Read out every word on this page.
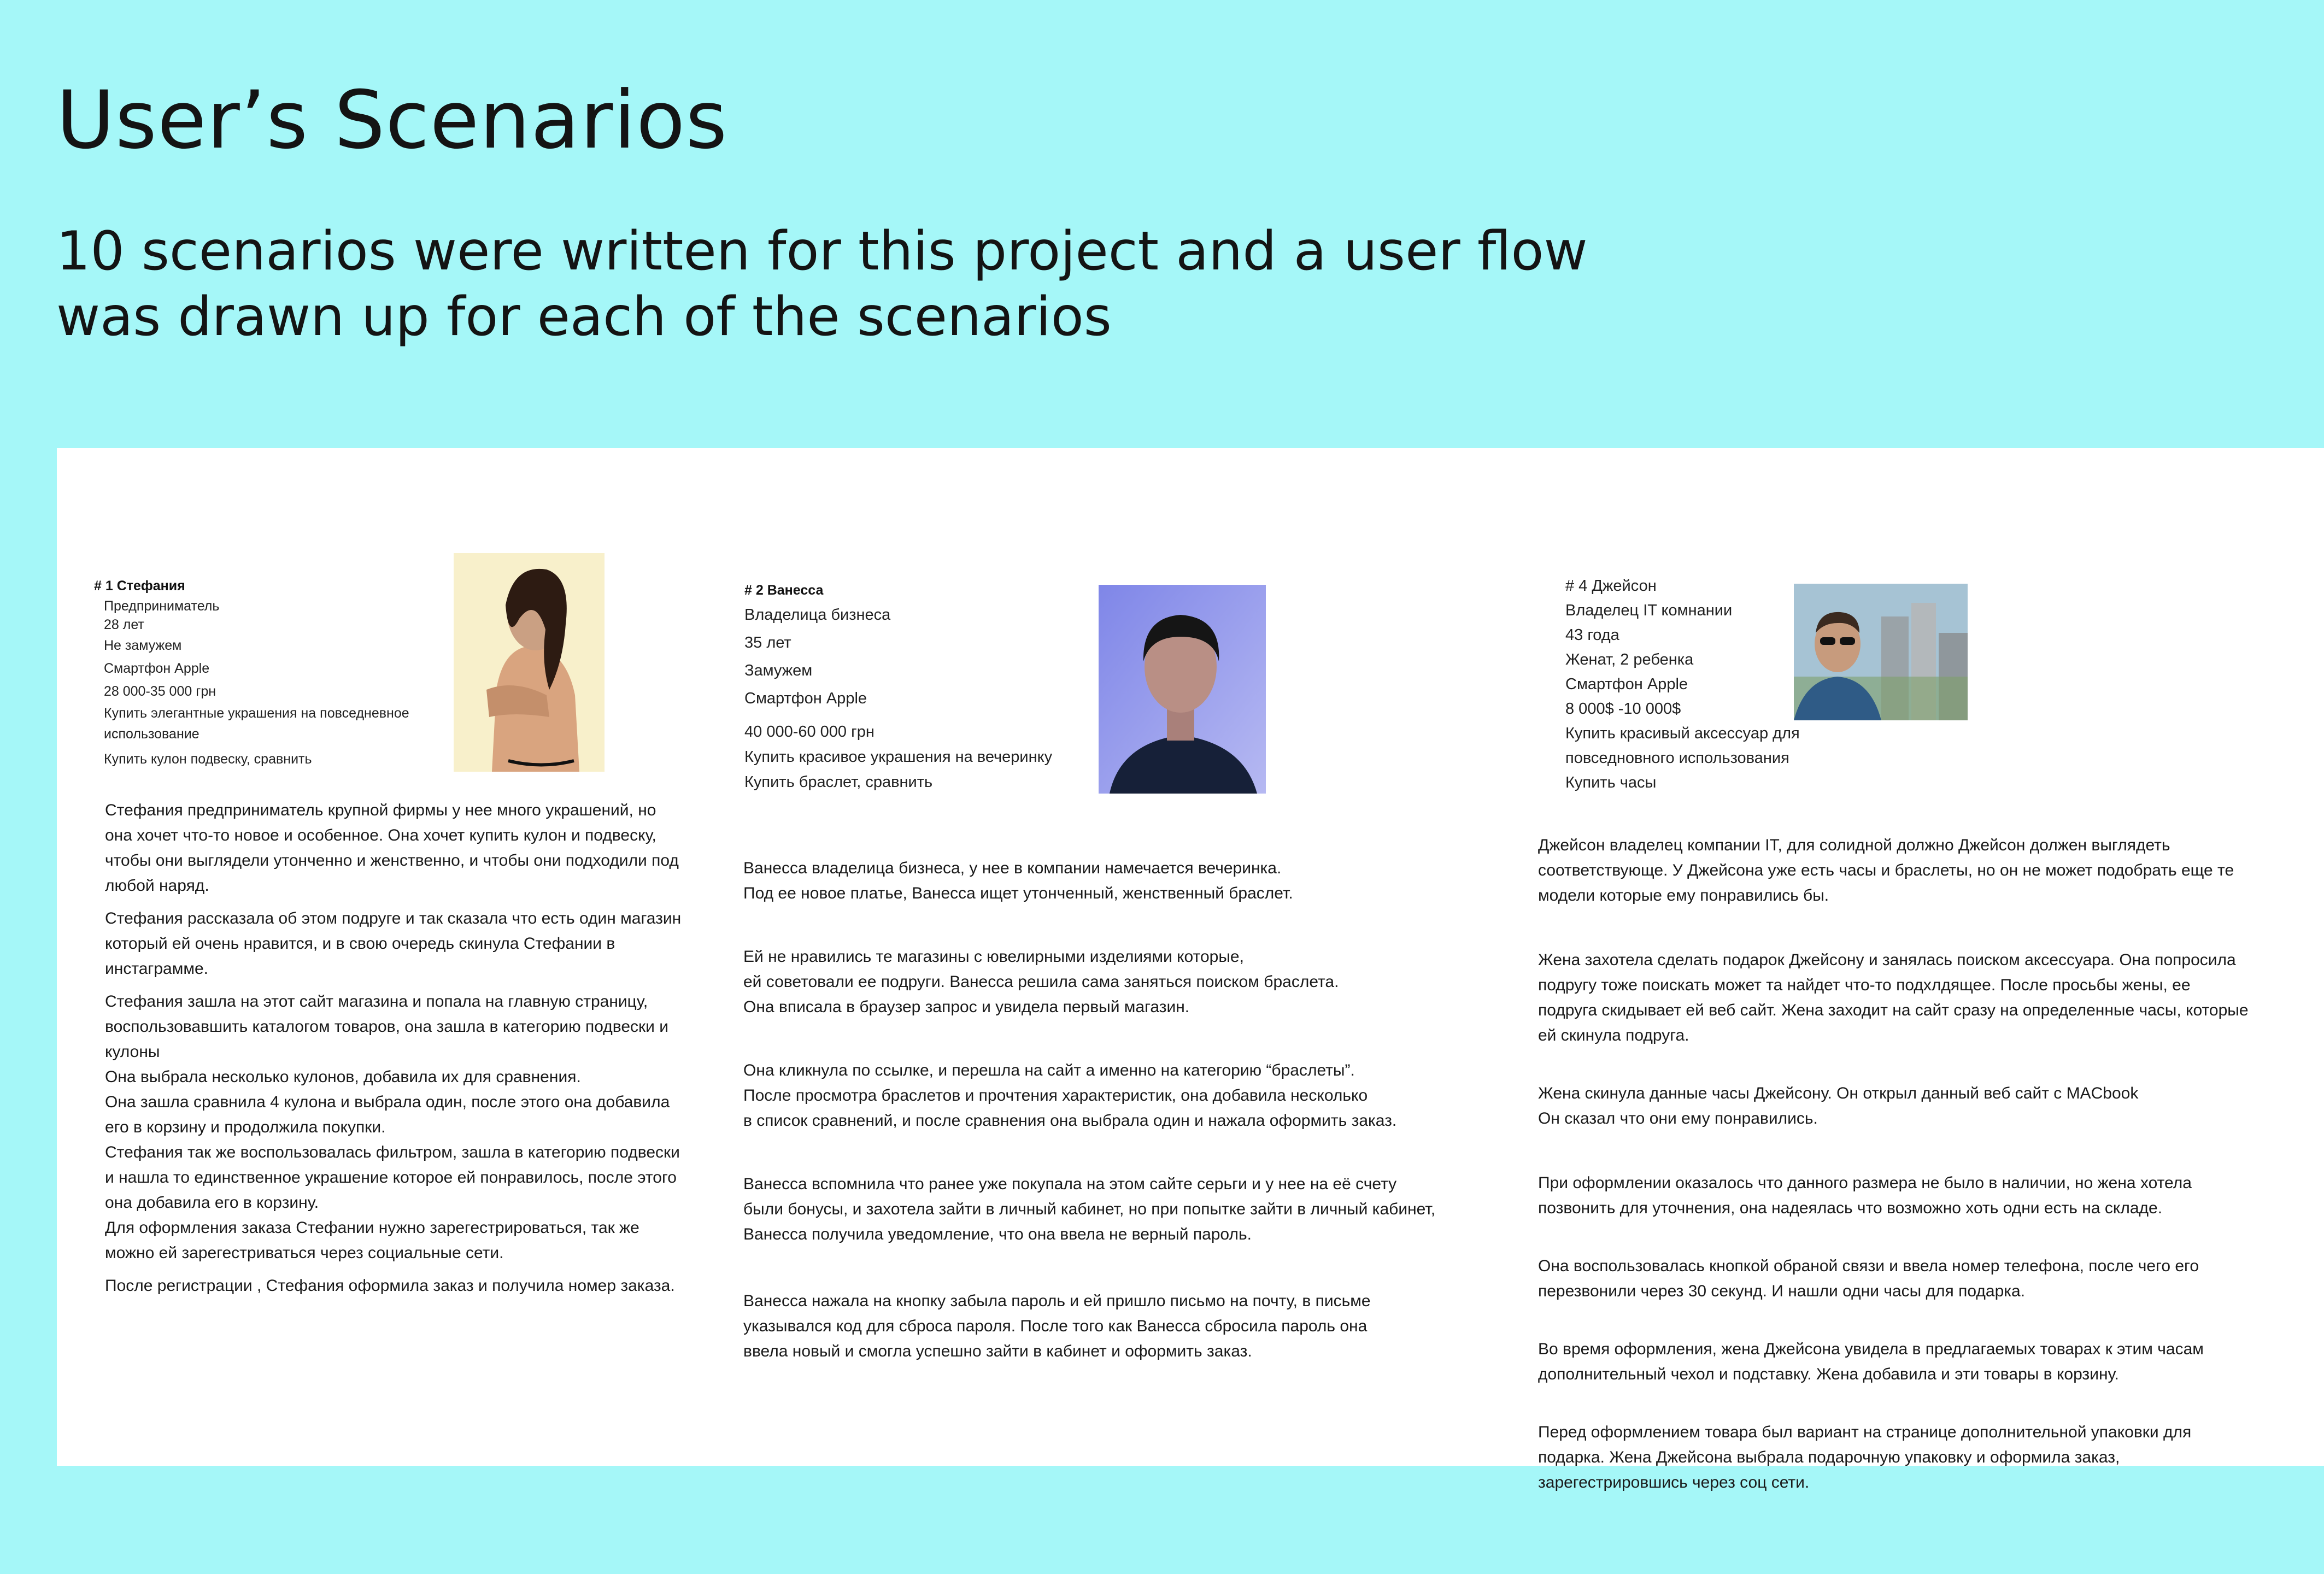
User’s Scenarios
10 scenarios were written for this project and a user flow
was drawn up for each of the scenarios
# 1 Стефания
Предприниматель
28 лет
Не замужем
Смартфон Apple
28 000-35 000 грн
Купить элегантные украшения на повседневное
использование
Купить кулон подвеску, сравнить

Стефания предприниматель крупной фирмы у нее много украшений, но она хочет что-то новое и особенное. Она хочет купить кулон и подвеску, чтобы они выглядели утонченно и женственно, и чтобы они подходили под любой наряд.

Стефания рассказала об этом подруге и так сказала что есть один магазин который ей очень нравится, и в свою очередь скинула Стефании в инстаграмме.

Стефания зашла на этот сайт магазина и попала на главную страницу, воспользовавшить каталогом товаров, она зашла в категорию подвески и кулоны
Она выбрала несколько кулонов, добавила их для сравнения.
Она зашла сравнила 4 кулона и выбрала один, после этого она добавила его в корзину и продолжила покупки.
Стефания так же воспользовалась фильтром, зашла в категорию подвески и нашла то единственное украшение которое ей понравилось, после этого она добавила его в корзину.
Для оформления заказа Стефании нужно зарегестрироваться, так же можно ей зарегестриваться через социальные сети.

После регистрации , Стефания оформила заказ и получила номер заказа.

# 2 Ванесса
Владелица бизнеса
35 лет
Замужем
Смартфон Apple
40 000-60 000 грн
Купить красивое украшения на вечеринку
Купить браслет, сравнить

Ванесса владелица бизнеса, у нее в компании намечается вечеринка.
Под ее новое платье, Ванесса ищет утонченный, женственный браслет.

Ей не нравились те магазины с ювелирными изделиями которые,
ей советовали ее подруги. Ванесса решила сама заняться поиском браслета.
Она вписала в браузер запрос и увидела первый магазин.

Она кликнула по ссылке, и перешла на сайт а именно на категорию “браслеты”.
После просмотра браслетов и прочтения характеристик, она добавила несколько
в список сравнений, и после сравнения она выбрала один и нажала оформить заказ.

Ванесса вспомнила что ранее уже покупала на этом сайте серьги и у нее на её счету
были бонусы, и захотела зайти в личный кабинет, но при попытке зайти в личный кабинет,
Ванесса получила уведомление, что она ввела не верный пароль.

Ванесса нажала на кнопку забыла пароль и ей пришло письмо на почту, в письме
указывался код для сброса пароля. После того как Ванесса сбросила пароль она
ввела новый и смогла успешно зайти в кабинет и оформить заказ.

# 4 Джейсон
Владелец IT комнании
43 года
Женат, 2 ребенка
Смартфон Apple
8 000$ -10 000$
Купить красивый аксессуар для
повседновного использования
Купить часы

Джейсон владелец компании IT, для солидной должно Джейсон должен выглядеть соответствующе. У Джейсона уже есть часы и браслеты, но он не может подобрать еще те модели которые ему понравились бы.

Жена захотела сделать подарок Джейсону и занялась поиском аксессуара. Она попросила подругу тоже поискать может та найдет что-то подхлдящее. После просьбы жены, ее подруга скидывает ей веб сайт. Жена заходит на сайт сразу на определенные часы, которые ей скинула подруга.

Жена скинула данные часы Джейсону. Он открыл данный веб сайт с MACbook
Он сказал что они ему понравились.

При оформлении оказалось что данного размера не было в наличии, но жена хотела позвонить для уточнения, она надеялась что возможно хоть одни есть на складе.

Она воспользовалась кнопкой обраной связи и ввела номер телефона, после чего его перезвонили через 30 секунд. И нашли одни часы для подарка.

Во время оформления, жена Джейсона увидела в предлагаемых товарах к этим часам дополнительный чехол и подставку. Жена добавила и эти товары в корзину.

Перед оформлением товара был вариант на странице дополнительной упаковки для подарка. Жена Джейсона выбрала подарочную упаковку и оформила заказ, зарегестрировшись через соц сети.
